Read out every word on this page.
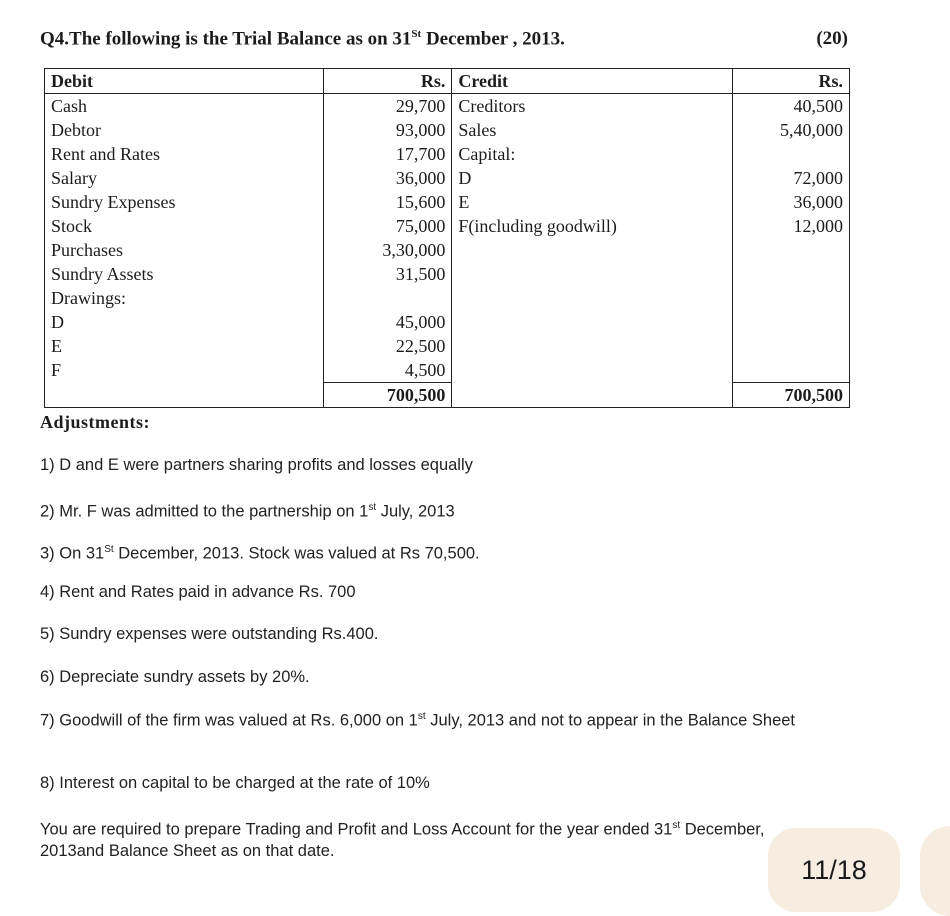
Q4.The following is the Trial Balance as on 31St December , 2013.	(20)
Debit	Rs.	Credit	Rs.
Cash	29,700	Creditors	40,500
Debtor	93,000	Sales	5,40,000
Rent and Rates	17,700	Capital:	
Salary	36,000	D	72,000
Sundry Expenses	15,600	E	36,000
Stock	75,000	F(including goodwill)	12,000
Purchases	3,30,000		
Sundry Assets	31,500		
Drawings:			
D	45,000		
E	22,500		
F	4,500		
	700,500		700,500
Adjustments:
1) D and E were partners sharing profits and losses equally
2) Mr. F was admitted to the partnership on 1st July, 2013
3) On 31St December, 2013. Stock was valued at Rs 70,500.
4) Rent and Rates paid in advance Rs. 700
5) Sundry expenses were outstanding Rs.400.
6) Depreciate sundry assets by 20%.
7) Goodwill of the firm was valued at Rs. 6,000 on 1st July, 2013 and not to appear in the Balance Sheet
8) Interest on capital to be charged at the rate of 10%
You are required to prepare Trading and Profit and Loss Account for the year ended 31st December, 2013and Balance Sheet as on that date.
11/18
